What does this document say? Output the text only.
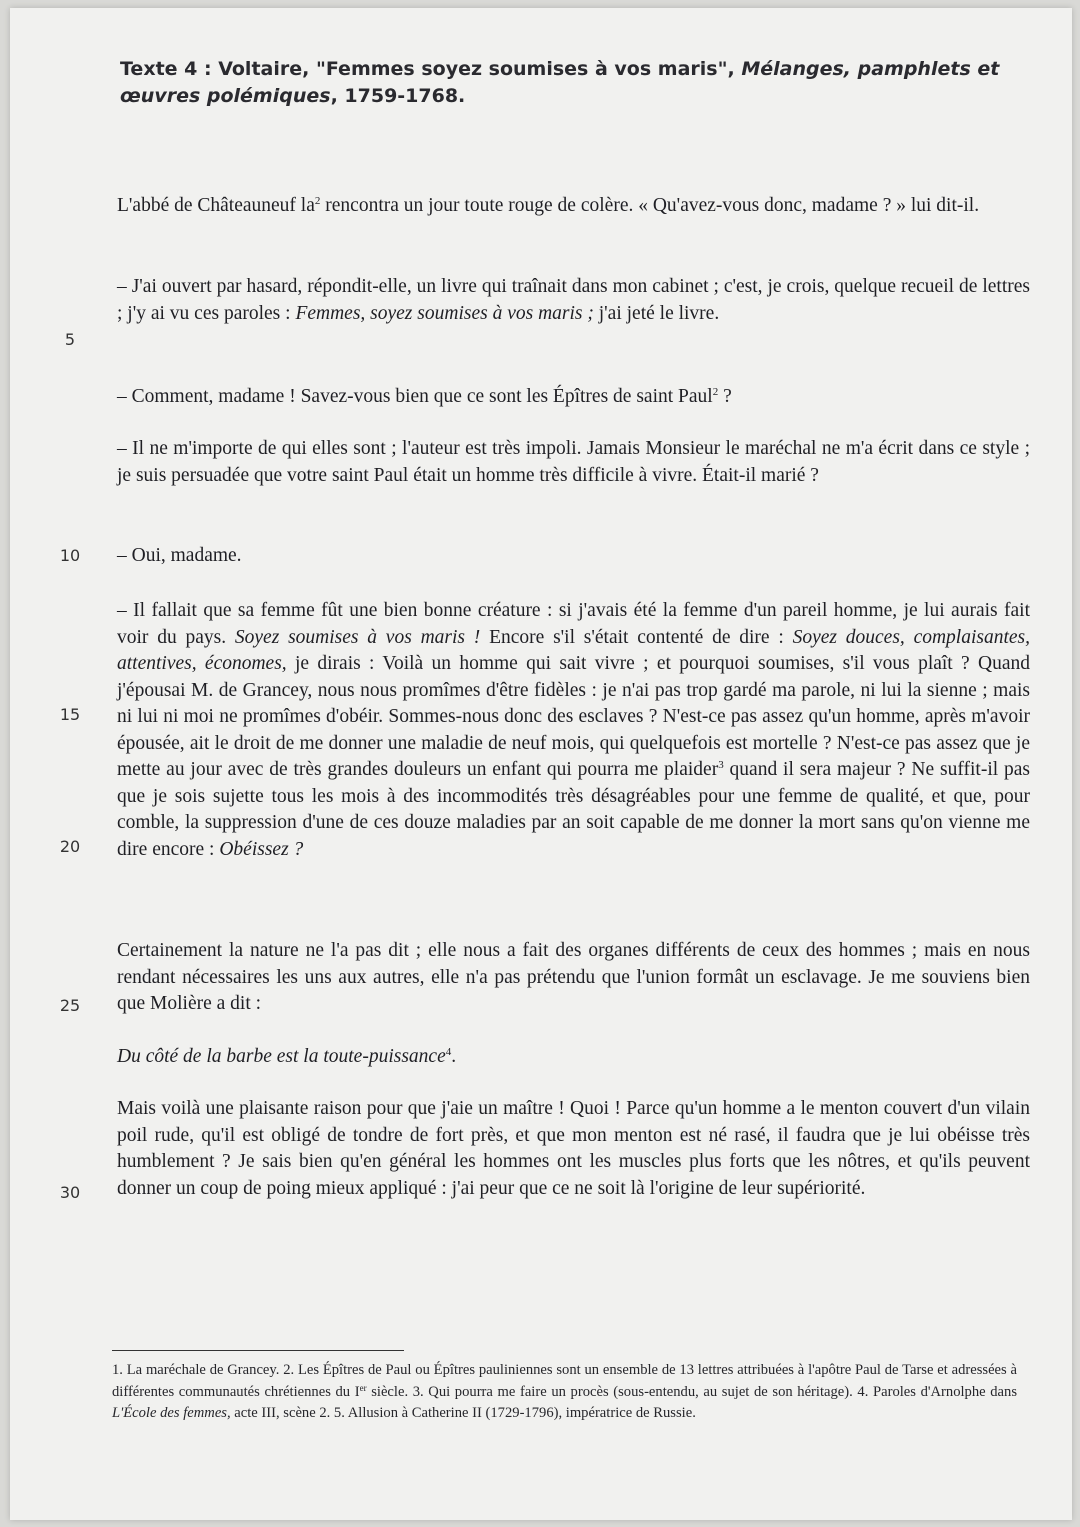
Texte 4 : Voltaire, "Femmes soyez soumises à vos maris", Mélanges, pamphlets et œuvres polémiques, 1759-1768.

L'abbé de Châteauneuf $la^2$ rencontra un jour toute rouge de colère. « Qu'avez-vous donc, madame ? » lui dit-il.

– J'ai ouvert par hasard, répondit-elle, un livre qui traînait dans mon cabinet ; c'est, je crois, quelque recueil de lettres ; j'y ai vu ces paroles : Femmes, soyez soumises à vos maris ; j'ai jeté le livre.

– Comment, madame ! Savez-vous bien que ce sont les Épîtres de saint Paul$^2$ ?

– Il ne m'importe de qui elles sont ; l'auteur est très impoli. Jamais Monsieur le maréchal ne m'a écrit dans ce style ; je suis persuadée que votre saint Paul était un homme très difficile à vivre. Était-il marié ?

– Oui, madame.

– Il fallait que sa femme fût une bien bonne créature : si j'avais été la femme d'un pareil homme, je lui aurais fait voir du pays. Soyez soumises à vos maris ! Encore s'il s'était contenté de dire : Soyez douces, complaisantes, attentives, économes, je dirais : Voilà un homme qui sait vivre ; et pourquoi soumises, s'il vous plaît ? Quand j'épousai M. de Grancey, nous nous promîmes d'être fidèles : je n'ai pas trop gardé ma parole, ni lui la sienne ; mais ni lui ni moi ne promîmes d'obéir. Sommes-nous donc des esclaves ? N'est-ce pas assez qu'un homme, après m'avoir épousée, ait le droit de me donner une maladie de neuf mois, qui quelquefois est mortelle ? N'est-ce pas assez que je mette au jour avec de très grandes douleurs un enfant qui pourra me plaider$^3$ quand il sera majeur ? Ne suffit-il pas que je sois sujette tous les mois à des incommodités très désagréables pour une femme de qualité, et que, pour comble, la suppression d'une de ces douze maladies par an soit capable de me donner la mort sans qu'on vienne me dire encore : Obéissez ?

Certainement la nature ne l'a pas dit ; elle nous a fait des organes différents de ceux des hommes ; mais en nous rendant nécessaires les uns aux autres, elle n'a pas prétendu que l'union formât un esclavage. Je me souviens bien que Molière a dit :

Du côté de la barbe est la toute-puissance$^4$.

Mais voilà une plaisante raison pour que j'aie un maître ! Quoi ! Parce qu'un homme a le menton couvert d'un vilain poil rude, qu'il est obligé de tondre de fort près, et que mon menton est né rasé, il faudra que je lui obéisse très humblement ? Je sais bien qu'en général les hommes ont les muscles plus forts que les nôtres, et qu'ils peuvent donner un coup de poing mieux appliqué : j'ai peur que ce ne soit là l'origine de leur supériorité.

5
10
15
20
25
30
1. La maréchale de Grancey. 2. Les Épîtres de Paul ou Épîtres pauliniennes sont un ensemble de 13 lettres attribuées à l'apôtre Paul de Tarse et adressées à différentes communautés chrétiennes du Ier siècle. 3. Qui pourra me faire un procès (sous-entendu, au sujet de son héritage). 4. Paroles d'Arnolphe dans L'École des femmes, acte III, scène 2. 5. Allusion à Catherine II (1729-1796), impératrice de Russie.
